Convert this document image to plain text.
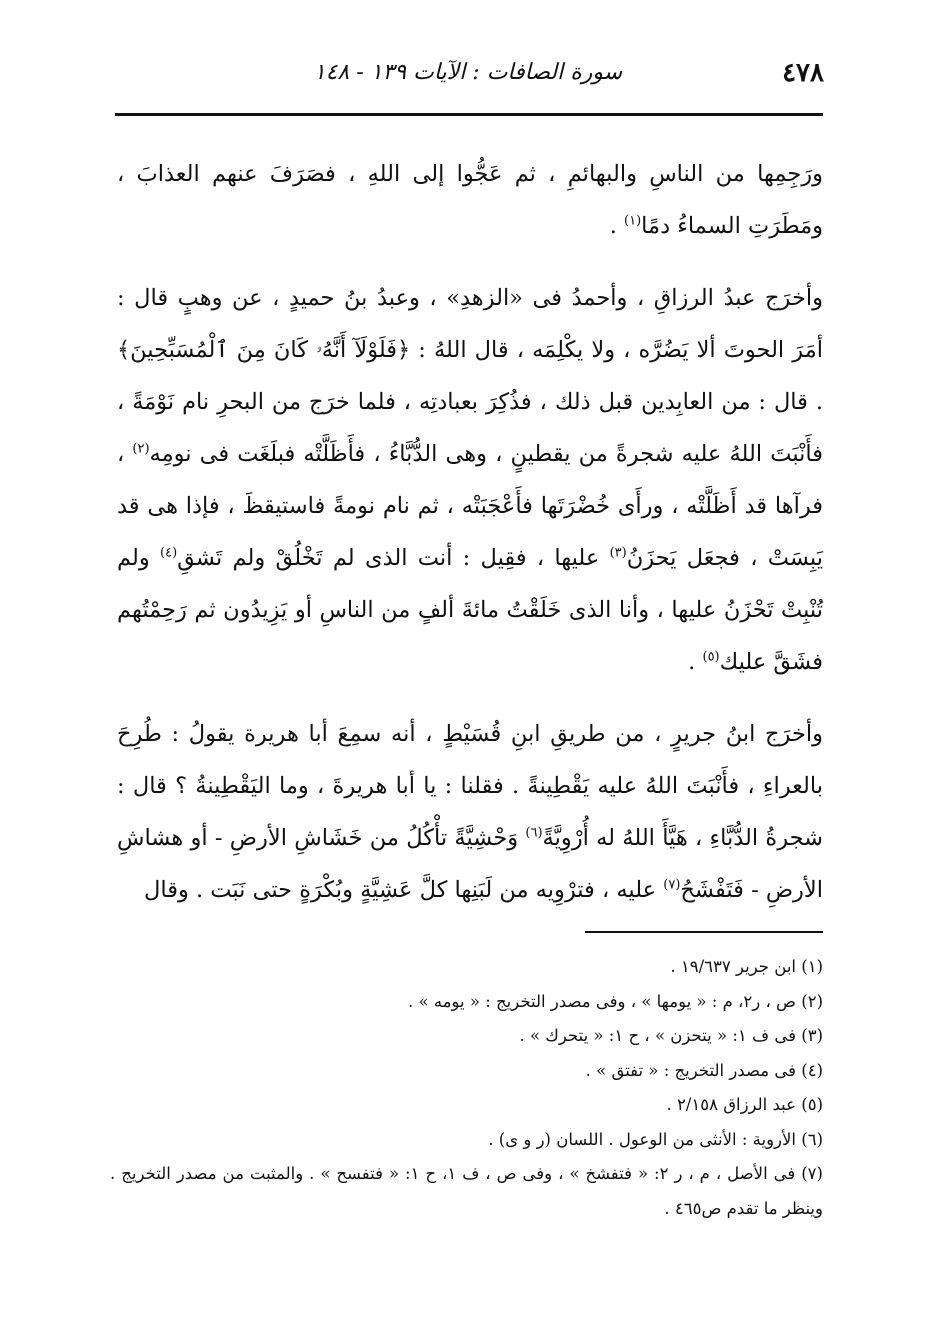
٤٧٨
سورة الصافات : الآيات ١٣٩ - ١٤٨

ورَجِمِها من الناسِ والبهائمِ ، ثم عَجُّوا إلى اللهِ ، فصَرَفَ عنهم العذابَ ، ومَطَرَتِ السماءُ دمًا$^{(١)}$ .

وأخرَج عبدُ الرزاقِ ، وأحمدُ فى «الزهدِ» ، وعبدُ بنُ حميدٍ ، عن وهبٍ قال : أمَرَ الحوتَ ألا يَضُرَّه ، ولا يكْلِمَه ، قال اللهُ : ﴿فَلَوْلَآ أَنَّهُۥ كَانَ مِنَ ٱلْمُسَبِّحِينَ﴾ . قال : من العابِدين قبل ذلك ، فذُكِرَ بعبادتِه ، فلما خرَج من البحرِ نام نَوْمَةً ، فأَنْبَتَ اللهُ عليه شجرةً من يقطينٍ ، وهى الدُّبَّاءُ ، فأَظَلَّتْه فبلَغَت فى نومِه$^{(٢)}$ ، فرآها قد أَظَلَّتْه ، ورأَى خُضْرَتَها فأَعْجَبَتْه ، ثم نام نومةً فاستيقظَ ، فإذا هى قد يَبِسَتْ ، فجعَل يَحزَنُ$^{(٣)}$ عليها ، فقِيل : أنت الذى لم تَخْلُقْ ولم تَشقِ$^{(٤)}$ ولم تُنْبِتْ تَحْزَنُ عليها ، وأنا الذى خَلَقْتُ مائةَ ألفٍ من الناسِ أو يَزِيدُون ثم رَحِمْتُهم فشَقَّ عليك$^{(٥)}$ .

وأخرَج ابنُ جريرٍ ، من طريقِ ابنِ قُسَيْطٍ ، أنه سمِعَ أبا هريرة يقولُ : طُرِحَ بالعراءِ ، فأَنْبَتَ اللهُ عليه يَقْطِينةً . فقلنا : يا أبا هريرةَ ، وما اليَقْطِينةُ ؟ قال : شجرةُ الدُّبَّاءِ ، هَيَّأَ اللهُ له أُرْوِيَّةً$^{(٦)}$ وَحْشِيَّةً تأْكُلُ من خَشَاشِ الأرضِ - أو هشاشِ الأرضِ - فَتَفْشَحُ$^{(٧)}$ عليه ، فترْوِيه من لَبَنِها كلَّ عَشِيَّةٍ وبُكْرَةٍ حتى نَبَت . وقال

(١) ابن جرير ١٩/٦٣٧ .
(٢) ص ، ر٢، م : « يومها » ، وفى مصدر التخريج : « يومه » .
(٣) فى ف ١: « يتحزن » ، ح ١: « يتحرك » .
(٤) فى مصدر التخريج : « تفتق » .
(٥) عبد الرزاق ٢/١٥٨ .
(٦) الأروية : الأنثى من الوعول . اللسان (ر و ى) .
(٧) فى الأصل ، م ، ر ٢: « فتفشخ » ، وفى ص ، ف ١، ح ١: « فتفسح » . والمثبت من مصدر التخريج . وينظر ما تقدم ص٤٦٥ .
